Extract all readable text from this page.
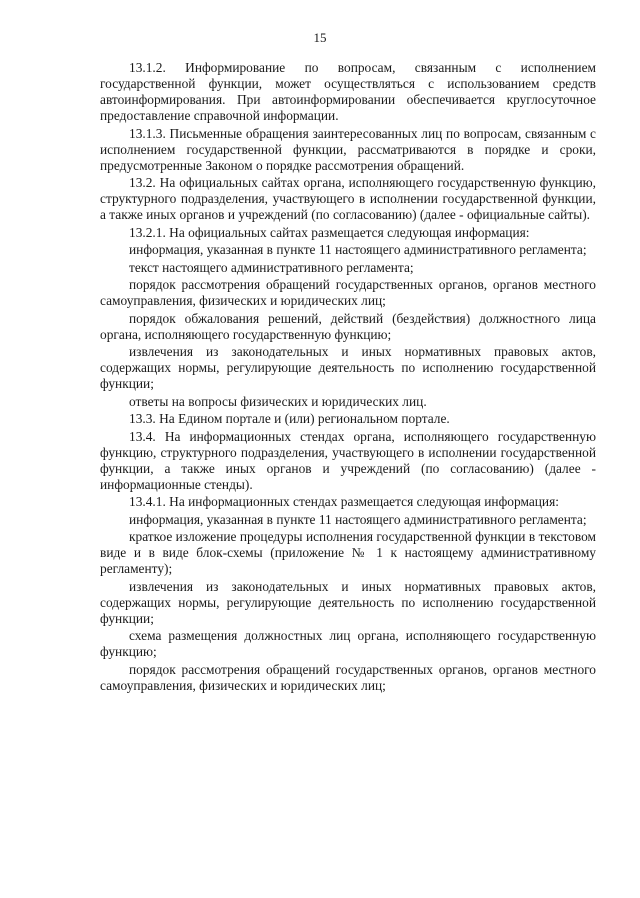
15

13.1.2. Информирование по вопросам, связанным с исполнением государственной функции, может осуществляться с использованием средств автоинформирования. При автоинформировании обеспечивается круглосуточное предоставление справочной информации.

13.1.3. Письменные обращения заинтересованных лиц по вопросам, связанным с исполнением государственной функции, рассматриваются в порядке и сроки, предусмотренные Законом о порядке рассмотрения обращений.

13.2. На официальных сайтах органа, исполняющего государственную функцию, структурного подразделения, участвующего в исполнении государственной функции, а также иных органов и учреждений (по согласованию) (далее - официальные сайты).

13.2.1. На официальных сайтах размещается следующая информация:

информация, указанная в пункте 11 настоящего административного регламента;

текст настоящего административного регламента;

порядок рассмотрения обращений государственных органов, органов местного самоуправления, физических и юридических лиц;

порядок обжалования решений, действий (бездействия) должностного лица органа, исполняющего государственную функцию;

извлечения из законодательных и иных нормативных правовых актов, содержащих нормы, регулирующие деятельность по исполнению государственной функции;

ответы на вопросы физических и юридических лиц.

13.3. На Едином портале и (или) региональном портале.

13.4. На информационных стендах органа, исполняющего государственную функцию, структурного подразделения, участвующего в исполнении государственной функции, а также иных органов и учреждений (по согласованию) (далее - информационные стенды).

13.4.1. На информационных стендах размещается следующая информация:

информация, указанная в пункте 11 настоящего административного регламента;

краткое изложение процедуры исполнения государственной функции в текстовом виде и в виде блок-схемы (приложение № 1 к настоящему административному регламенту);

извлечения из законодательных и иных нормативных правовых актов, содержащих нормы, регулирующие деятельность по исполнению государственной функции;

схема размещения должностных лиц органа, исполняющего государственную функцию;

порядок рассмотрения обращений государственных органов, органов местного самоуправления, физических и юридических лиц;
